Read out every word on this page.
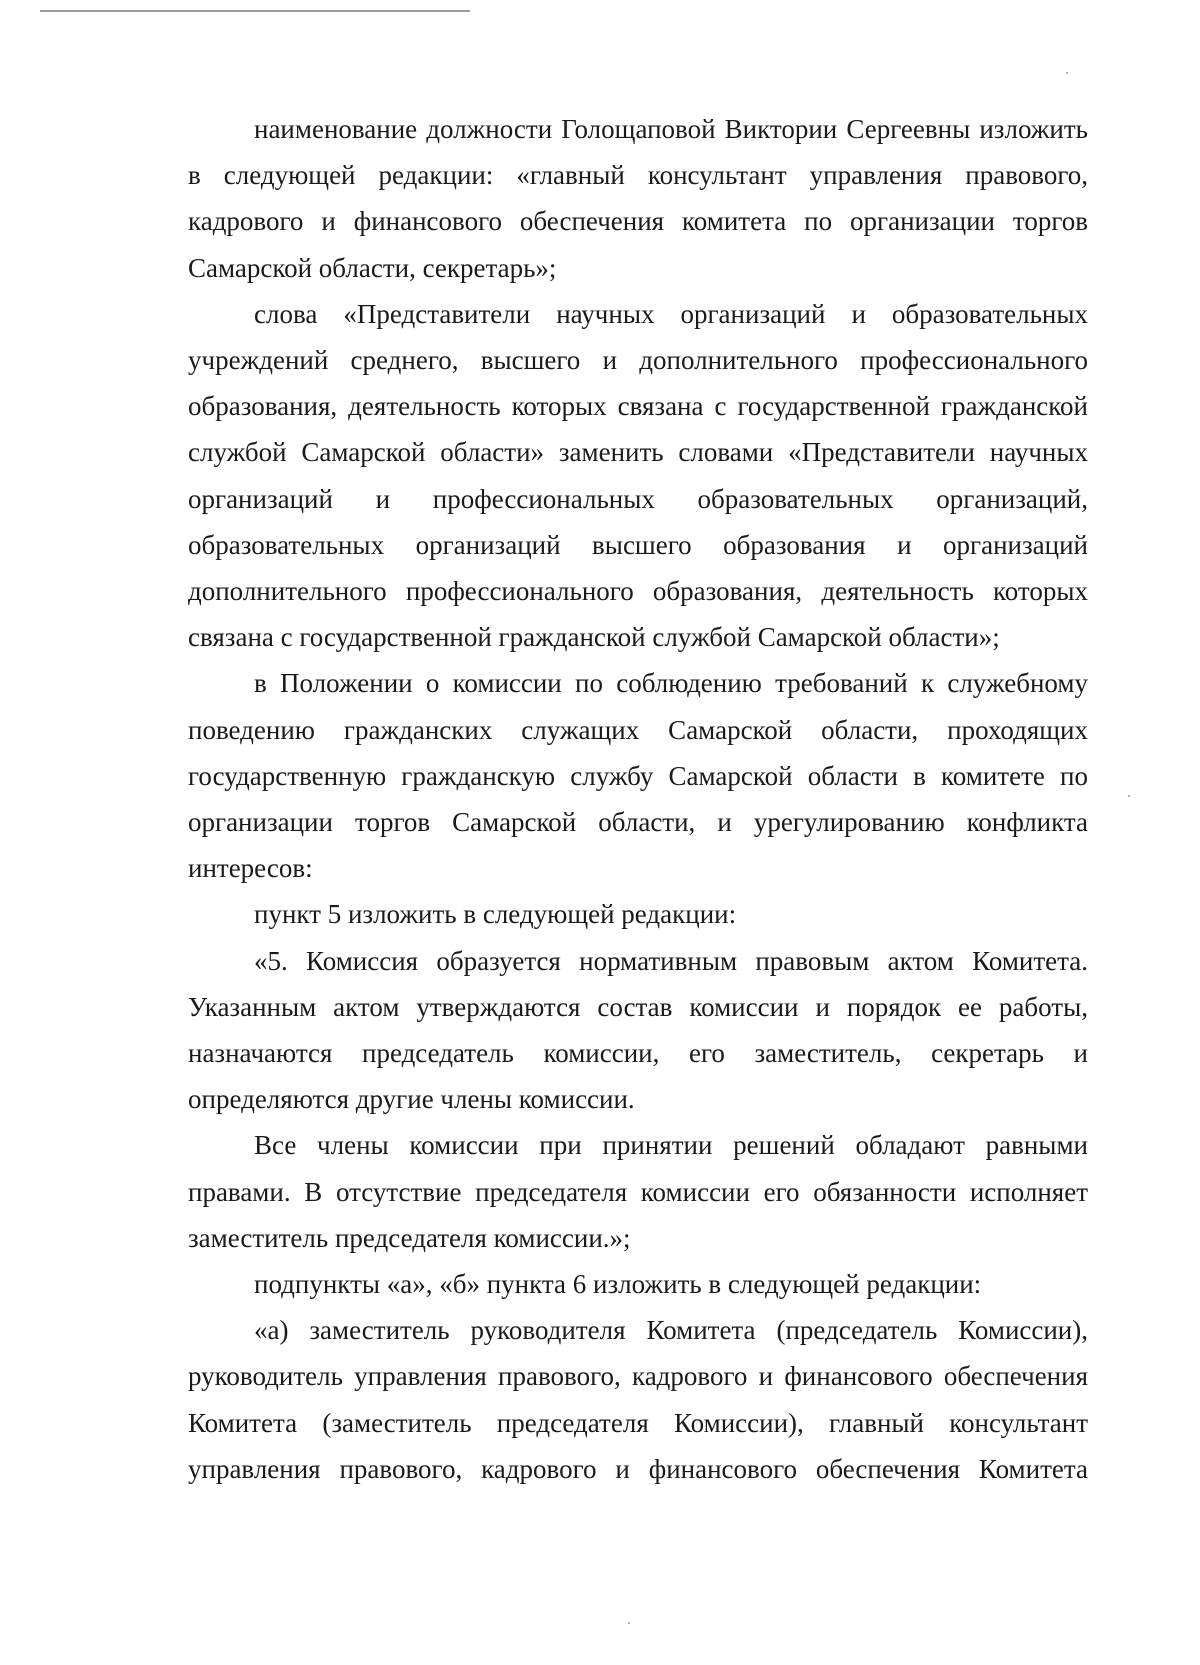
наименование должности Голощаповой Виктории Сергеевны изложить в следующей редакции: «главный консультант управления правового, кадрового и финансового обеспечения комитета по организации торгов Самарской области, секретарь»;

слова «Представители научных организаций и образовательных учреждений среднего, высшего и дополнительного профессионального образования, деятельность которых связана с государственной гражданской службой Самарской области» заменить словами «Представители научных организаций и профессиональных образовательных организаций, образовательных организаций высшего образования и организаций дополнительного профессионального образования, деятельность которых связана с государственной гражданской службой Самарской области»;

в Положении о комиссии по соблюдению требований к служебному поведению гражданских служащих Самарской области, проходящих государственную гражданскую службу Самарской области в комитете по организации торгов Самарской области, и урегулированию конфликта интересов:

пункт 5 изложить в следующей редакции:

«5. Комиссия образуется нормативным правовым актом Комитета. Указанным актом утверждаются состав комиссии и порядок ее работы, назначаются председатель комиссии, его заместитель, секретарь и определяются другие члены комиссии.

Все члены комиссии при принятии решений обладают равными правами. В отсутствие председателя комиссии его обязанности исполняет заместитель председателя комиссии.»;

подпункты «а», «б» пункта 6 изложить в следующей редакции:

«а) заместитель руководителя Комитета (председатель Комиссии), руководитель управления правового, кадрового и финансового обеспечения Комитета (заместитель председателя Комиссии), главный консультант управления правового, кадрового и финансового обеспечения Комитета
